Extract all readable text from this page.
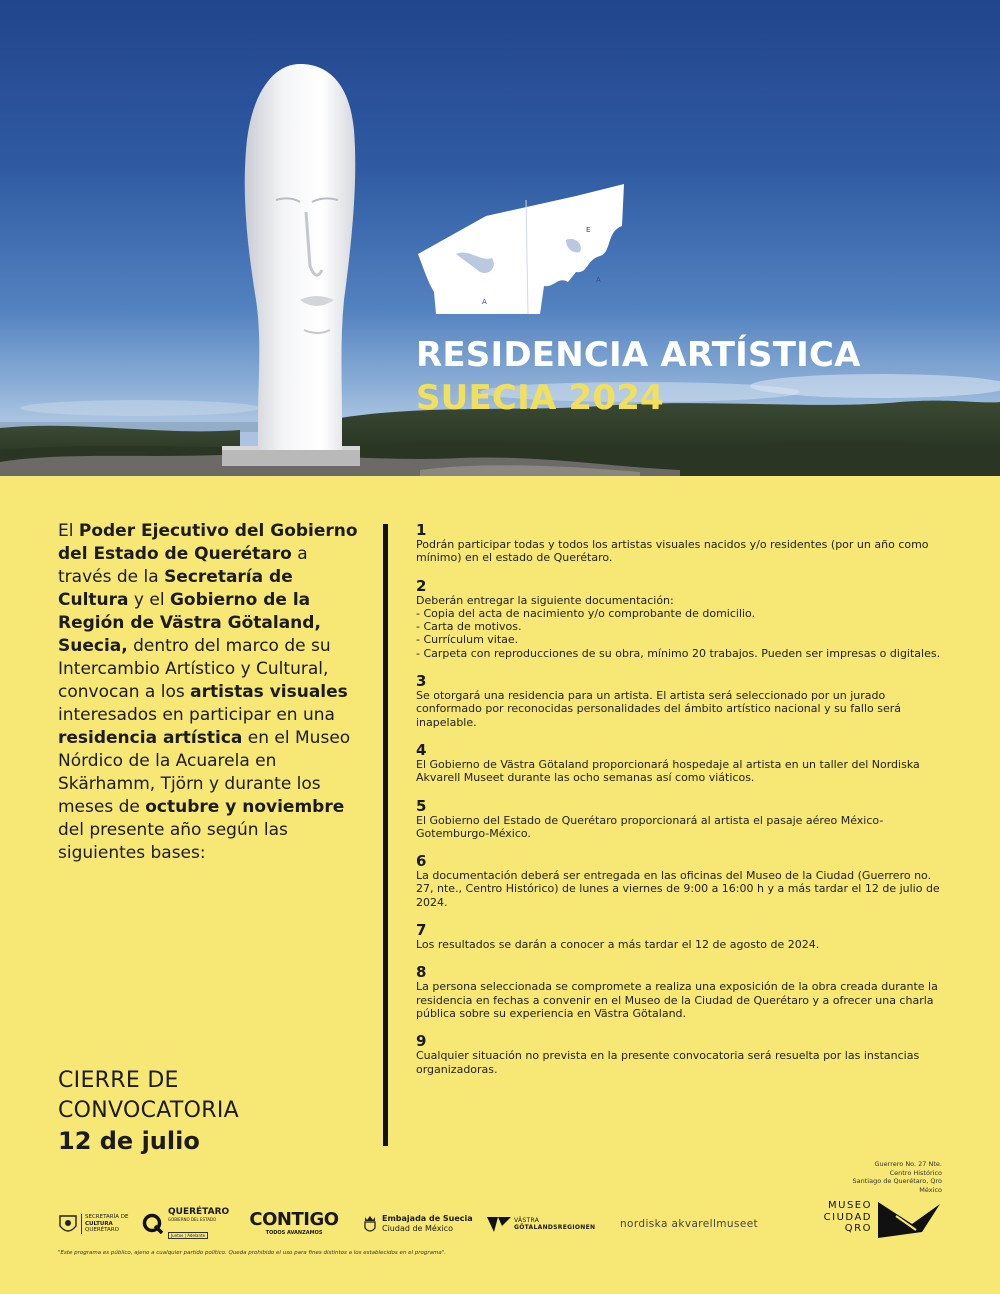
A
E
A
RESIDENCIA ARTÍSTICA
SUECIA 2024
El Poder Ejecutivo del Gobierno del Estado de Querétaro a través de la Secretaría de Cultura y el Gobierno de la Región de Västra Götaland, Suecia, dentro del marco de su Intercambio Artístico y Cultural, convocan a los artistas visuales interesados en participar en una residencia artística en el Museo Nórdico de la Acuarela en Skärhamm, Tjörn y durante los meses de octubre y noviembre del presente año según las siguientes bases:
CIERRE DE
CONVOCATORIA
12 de julio
1
Podrán participar todas y todos los artistas visuales nacidos y/o residentes (por un año como mínimo) en el estado de Querétaro.
2
Deberán entregar la siguiente documentación:
- Copia del acta de nacimiento y/o comprobante de domicilio.
- Carta de motivos.
- Currículum vitae.
- Carpeta con reproducciones de su obra, mínimo 20 trabajos. Pueden ser impresas o digitales.
3
Se otorgará una residencia para un artista. El artista será seleccionado por un jurado conformado por reconocidas personalidades del ámbito artístico nacional y su fallo será inapelable.
4
El Gobierno de Västra Götaland proporcionará hospedaje al artista en un taller del Nordiska Akvarell Museet durante las ocho semanas así como viáticos.
5
El Gobierno del Estado de Querétaro proporcionará al artista el pasaje aéreo México-Gotemburgo-México.
6
La documentación deberá ser entregada en las oficinas del Museo de la Ciudad (Guerrero no. 27, nte., Centro Histórico) de lunes a viernes de 9:00 a 16:00 h y a más tardar el 12 de julio de 2024.
7
Los resultados se darán a conocer a más tardar el 12 de agosto de 2024.
8
La persona seleccionada se compromete a realiza una exposición de la obra creada durante la residencia en fechas a convenir en el Museo de la Ciudad de Querétaro y a ofrecer una charla pública sobre su experiencia en Västra Götaland.
9
Cualquier situación no prevista en la presente convocatoria será resuelta por las instancias organizadoras.
Guerrero No. 27 Nte.
Centro Histórico
Santiago de Querétaro, Qro
México
SECRETARÍA DE
CULTURA
QUERÉTARO
QUERÉTARO
GOBIERNO DEL ESTADO
Juntos | Adelante
CONTIGO
TODOS AVANZAMOS
Embajada de Suecia
Ciudad de México
VÄSTRA
GÖTALANDSREGIONEN nordiska akvarellmuseet
"Este programa es público, ajeno a cualquier partido político. Queda prohibido el uso para fines distintos a los establecidos en el programa".
MUSEO
CIUDAD
QRO
